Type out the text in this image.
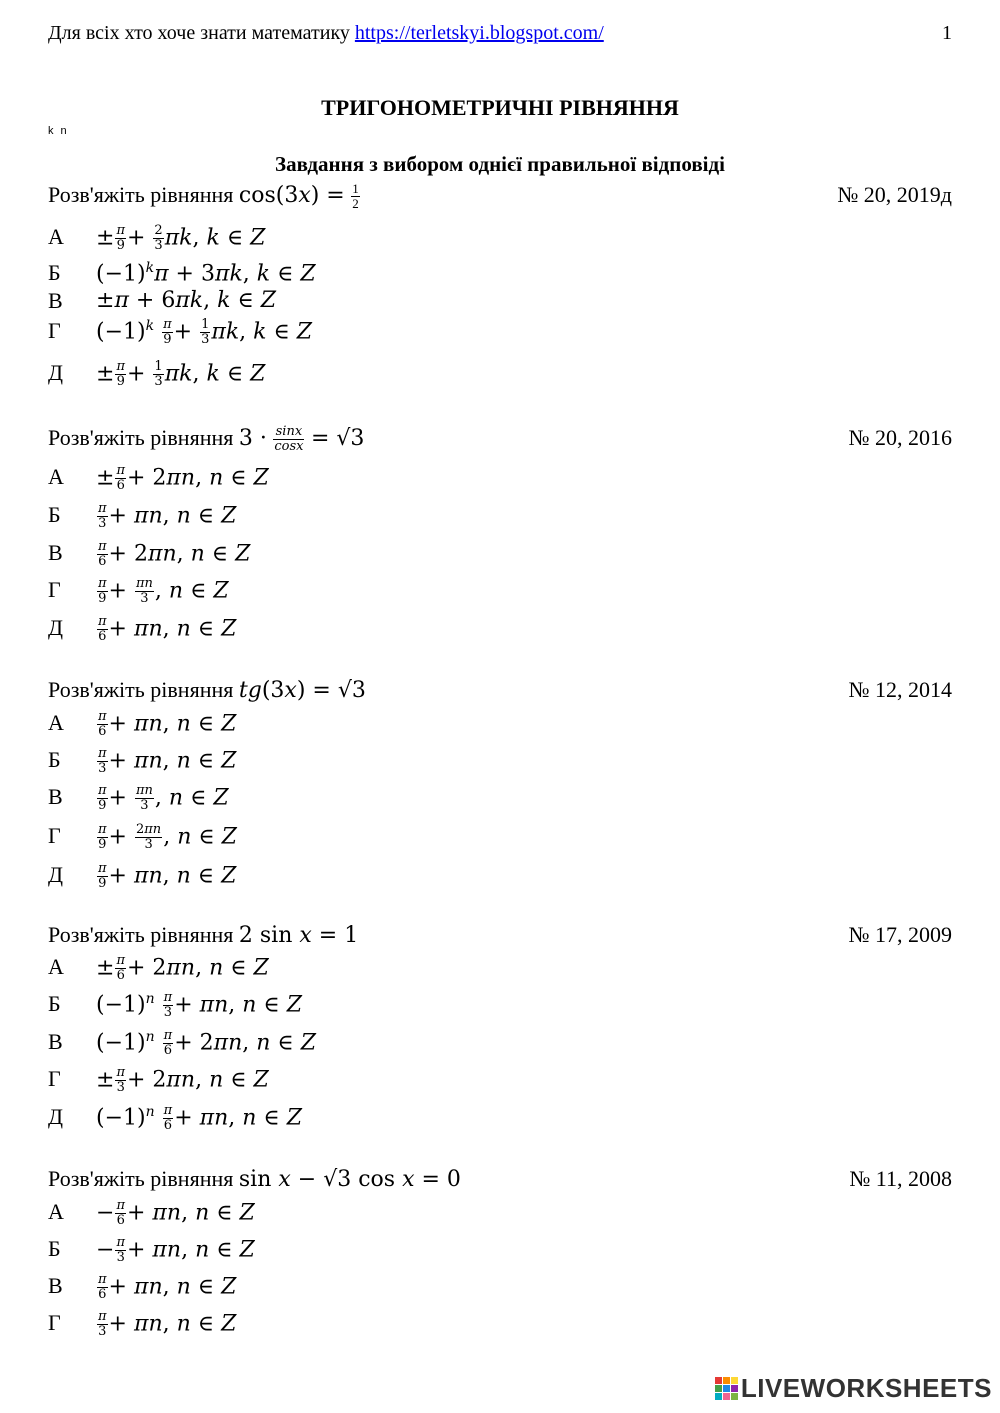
Для всіх хто хоче знати математику https://terletskyi.blogspot.com/	1
ТРИГОНОМЕТРИЧНІ РІВНЯННЯ
k n
Завдання з вибором однієї правильної відповіді
Розв'яжіть рівняння $\cos(3x) = \frac{1}{2}$	№ 20, 2019д
А	± $\frac{\pi}{9} + \frac{2}{3} \pi k$, k ∈ Z
Б	$(-1)^k\pi + 3\pi k$, k ∈ Z
В	±π + 6πk, k ∈ Z
Г	$(-1)^k \frac{\pi}{9} + \frac{1}{3} \pi k$, k ∈ Z
Д	± $\frac{\pi}{9} + \frac{1}{3} \pi k$, k ∈ Z
Розв'яжіть рівняння $3 \cdot \frac{\sin x}{\cos x} = √3$	№ 20, 2016
А	± $\frac{\pi}{6} + 2\pi n$, n ∈ Z
Б	$\frac{\pi}{3} + \pi n$, n ∈ Z
В	$\frac{\pi}{6} + 2\pi n$, n ∈ Z
Г	$\frac{\pi}{9} + \frac{\pi n}{3}$ , n ∈ Z
Д	$\frac{\pi}{6} + \pi n$, n ∈ Z
Розв'яжіть рівняння tg(3x) = √3	№ 12, 2014
А	$\frac{\pi}{6} + \pi n$, n ∈ Z
Б	$\frac{\pi}{3} + \pi n$, n ∈ Z
В	$\frac{\pi}{9} + \frac{\pi n}{3}$ , n ∈ Z
Г	$\frac{\pi}{9} + \frac{2\pi n}{3}$ , n ∈ Z
Д	$\frac{\pi}{9} + \pi n$, n ∈ Z
Розв'яжіть рівняння 2 sin x = 1	№ 17, 2009
А	± $\frac{\pi}{6} + 2\pi n$, n ∈ Z
Б	$(-1)^n \frac{\pi}{3} + \pi n$, n ∈ Z
В	$(-1)^n \frac{\pi}{6} + 2\pi n$, n ∈ Z
Г	± $\frac{\pi}{3} + 2\pi n$, n ∈ Z
Д	$(-1)^n \frac{\pi}{6} + \pi n$, n ∈ Z
Розв'яжіть рівняння sin x − √3 cos x = 0	№ 11, 2008
А	− $\frac{\pi}{6} + \pi n$, n ∈ Z
Б	− $\frac{\pi}{3} + \pi n$, n ∈ Z
В	$\frac{\pi}{6} + \pi n$, n ∈ Z
Г	$\frac{\pi}{3} + \pi n$, n ∈ Z
LIVEWORKSHEETS
